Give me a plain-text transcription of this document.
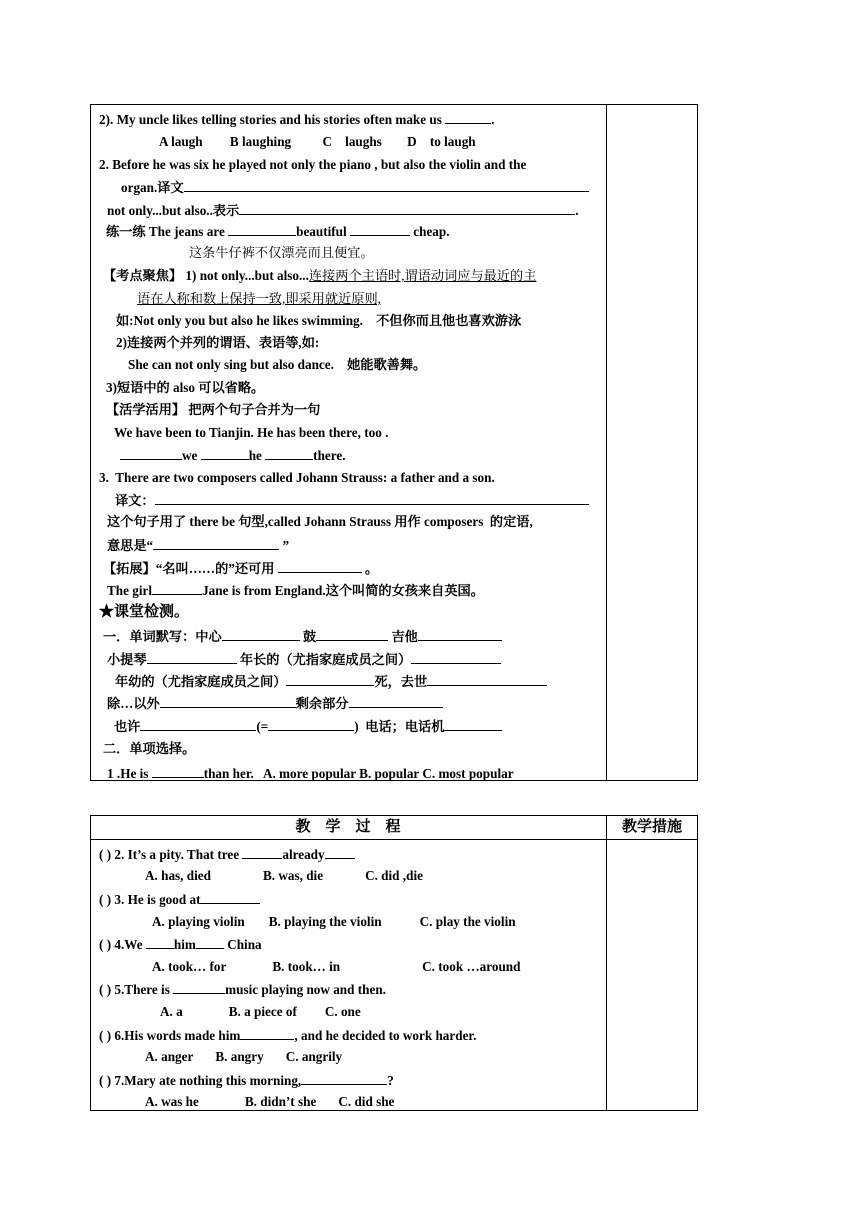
2). My uncle likes telling stories and his stories often make us	.
A laugh B laughing C    laughs D    to laugh
2. Before he was six he played not only the piano , but also the violin and the
organ.译文
not only...but also..表示	.
练一练 The jeans are	beautiful	cheap.
这条牛仔裤不仅漂亮而且便宜。
【考点聚焦】 1) not only...but also...连接两个主语时,谓语动词应与最近的主
语在人称和数上保持一致,即采用就近原则,
如:Not only you but also he likes swimming.    不但你而且他也喜欢游泳
2)连接两个并列的谓语、表语等,如:
She can not only sing but also dance.    她能歌善舞。
3)短语中的 also 可以省略。
【活学活用】 把两个句子合并为一句
We have been to Tianjin. He has been there, too .
we	he	there.
3.  There are two composers called Johann Strauss: a father and a son.
译文：
这个句子用了 there be 句型,called Johann Strauss 用作 composers  的定语,
意思是“	”
【拓展】“名叫……的”还可用	。
The girl	Jane is from England.这个叫简的女孩来自英国。
★课堂检测。
一．单词默写：中心	鼓	吉他
小提琴	年长的（尤指家庭成员之间）
年幼的（尤指家庭成员之间）	死，去世
除…以外	剩余部分
也许	(=	)  电话；电话机
二．单项选择。
1 .He is	than her.   A. more popular B. popular C. most popular
教　学　过　程	教学措施
( ) 2. It’s a pity. That tree	already
A. has, died	B. was, die	C. did ,die
( ) 3. He is good at
A. playing violin B. playing the violin	C. play the violin
( ) 4.We him China
A. took… for	B. took… in	C. took …around
( ) 5.There is	music playing now and then.
A. a	B. a piece of C. one
( ) 6.His words made him	, and he decided to work harder.
A. anger B. angry C. angrily
( ) 7.Mary ate nothing this morning,	?
A. was he	B. didn’t she C. did she
